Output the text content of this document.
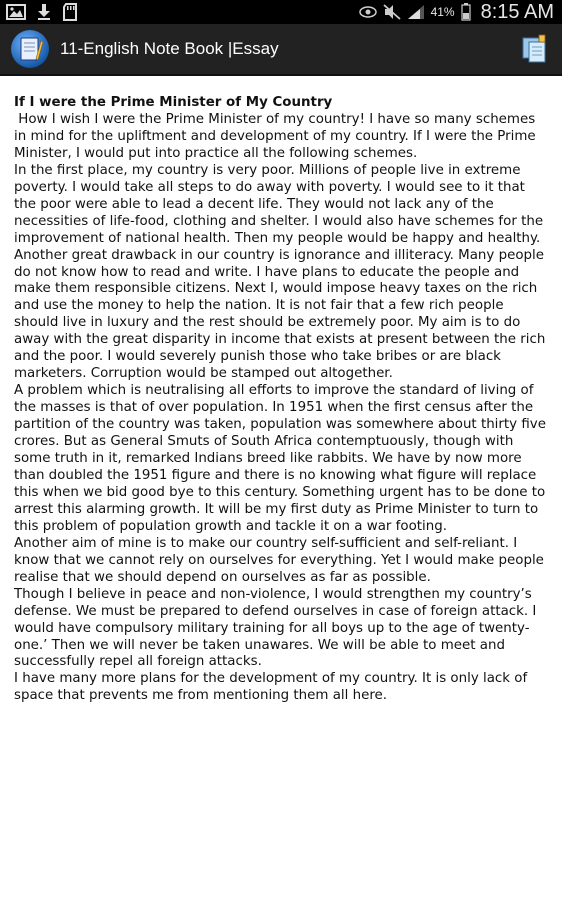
41% 8:15 AM
11-English Note Book |Essay

If I were the Prime Minister of My Country

How I wish I were the Prime Minister of my country! I have so many schemes in mind for the upliftment and development of my country. If I were the Prime Minister, I would put into practice all the following schemes.

In the first place, my country is very poor. Millions of people live in extreme poverty. I would take all steps to do away with poverty. I would see to it that the poor were able to lead a decent life. They would not lack any of the necessities of life-food, clothing and shelter. I would also have schemes for the improvement of national health. Then my people would be happy and healthy.

Another great drawback in our country is ignorance and illiteracy. Many people do not know how to read and write. I have plans to educate the people and make them responsible citizens. Next I, would impose heavy taxes on the rich and use the money to help the nation. It is not fair that a few rich people should live in luxury and the rest should be extremely poor. My aim is to do away with the great disparity in income that exists at present between the rich and the poor. I would severely punish those who take bribes or are black marketers. Corruption would be stamped out altogether.

A problem which is neutralising all efforts to improve the standard of living of the masses is that of over population. In 1951 when the first census after the partition of the country was taken, population was somewhere about thirty five crores. But as General Smuts of South Africa contemptuously, though with some truth in it, remarked Indians breed like rabbits. We have by now more than doubled the 1951 figure and there is no knowing what figure will replace this when we bid good bye to this century. Something urgent has to be done to arrest this alarming growth. It will be my first duty as Prime Minister to turn to this problem of population growth and tackle it on a war footing.

Another aim of mine is to make our country self-sufficient and self-reliant. I know that we cannot rely on ourselves for everything. Yet I would make people realise that we should depend on ourselves as far as possible.

Though I believe in peace and non-violence, I would strengthen my country’s defense. We must be prepared to defend ourselves in case of foreign attack. I would have compulsory military training for all boys up to the age of twenty-one.’ Then we will never be taken unawares. We will be able to meet and successfully repel all foreign attacks.

I have many more plans for the development of my country. It is only lack of space that prevents me from mentioning them all here.
